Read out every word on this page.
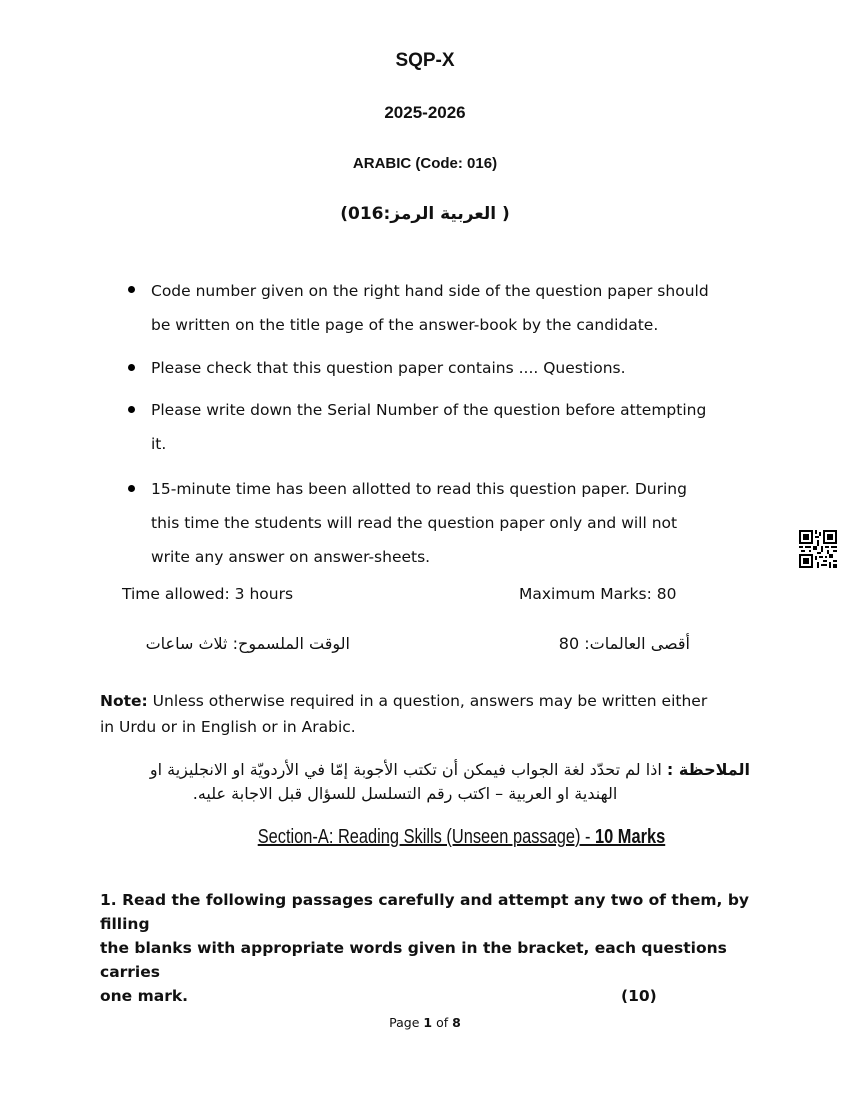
SQP-X
2025-2026
ARABIC (Code: 016)
( العربية الرمز:016)
Code number given on the right hand side of the question paper should
be written on the title page of the answer-book by the candidate.
Please check that this question paper contains .... Questions.
Please write down the Serial Number of the question before attempting
it.
15-minute time has been allotted to read this question paper. During
this time the students will read the question paper only and will not
write any answer on answer-sheets.
Time allowed: 3 hours	Maximum Marks: 80
الوقت الملسموح: ثلاث ساعات	أقصى العالمات: 80
Note: Unless otherwise required in a question, answers may be written either
in Urdu or in English or in Arabic.
الملاحظة : اذا لم تحدّد لغة الجواب فيمكن أن تكتب الأجوبة إمّا في الأردويّة او الانجليزية او
الهندية او العربية – اكتب رقم التسلسل للسؤال قبل الاجابة عليه.
Section-A: Reading Skills (Unseen passage) - 10 Marks
1. Read the following passages carefully and attempt any two of them, by filling
the blanks with appropriate words given in the bracket, each questions carries
one mark.	(10)
Page 1 of 8
